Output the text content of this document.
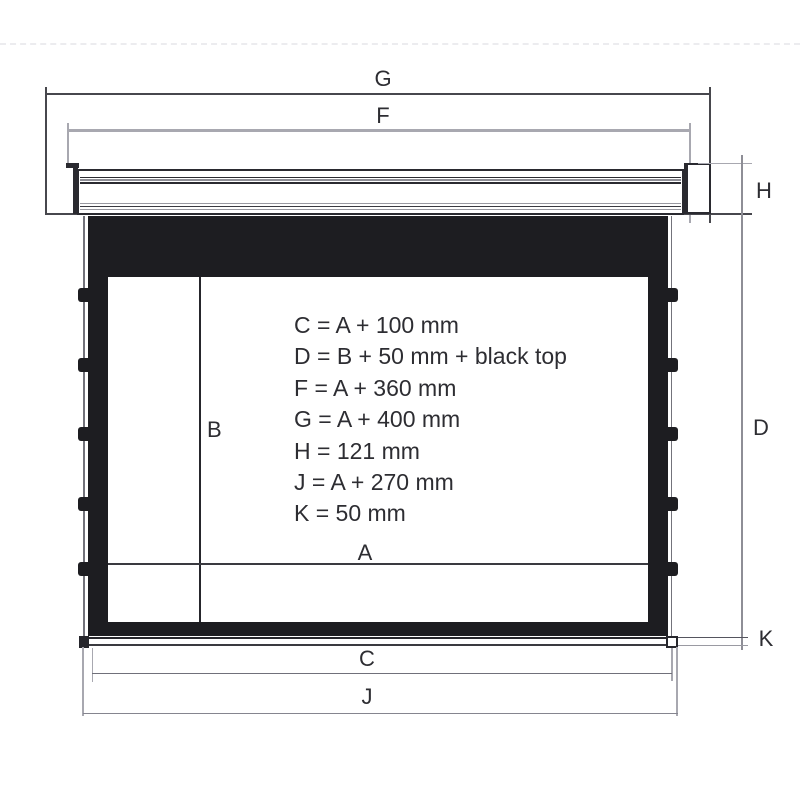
G
F
H
D
B
A
C = A + 100 mm
D = B + 50 mm + black top
F = A + 360 mm
G = A + 400 mm
H = 121 mm
J = A + 270 mm
K = 50 mm
K
C
J
